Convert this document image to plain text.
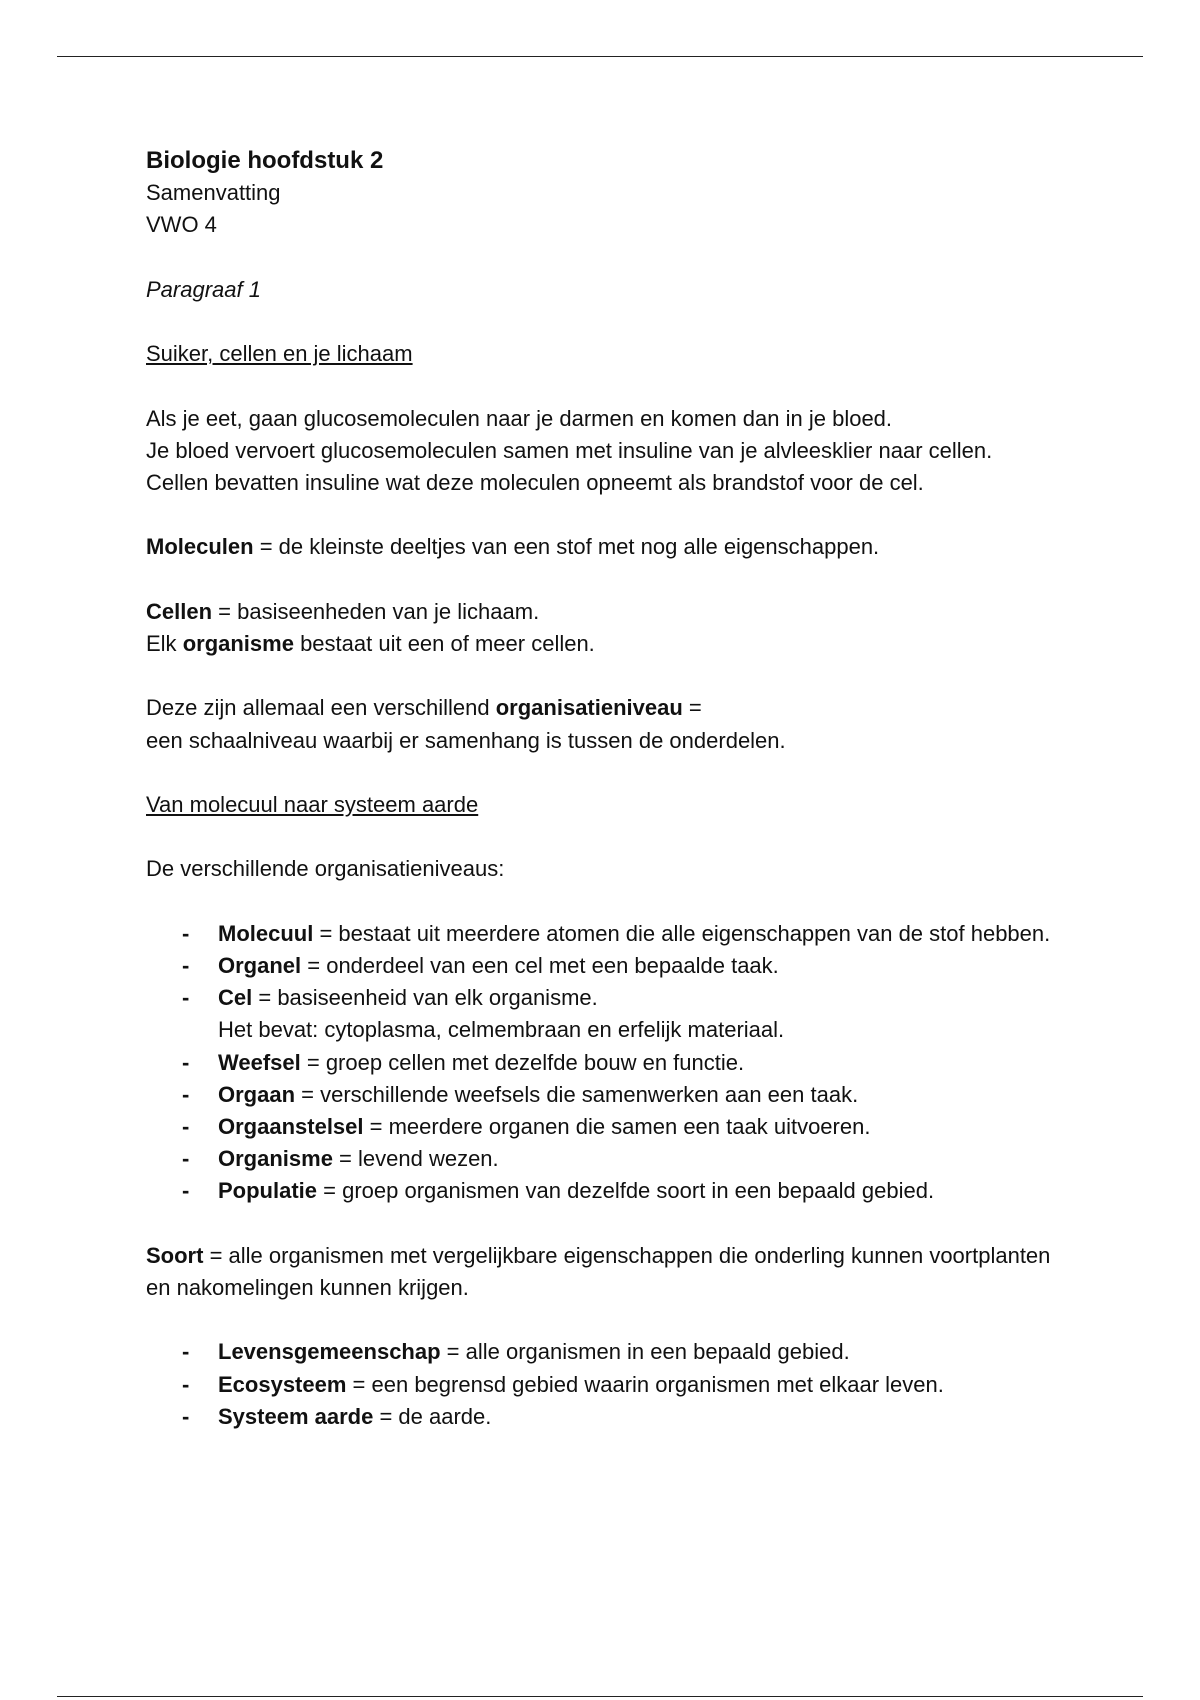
Biologie hoofdstuk 2

Samenvatting

VWO 4

Paragraaf 1

Suiker, cellen en je lichaam

Als je eet, gaan glucosemoleculen naar je darmen en komen dan in je bloed.

Je bloed vervoert glucosemoleculen samen met insuline van je alvleesklier naar cellen.

Cellen bevatten insuline wat deze moleculen opneemt als brandstof voor de cel.

Moleculen = de kleinste deeltjes van een stof met nog alle eigenschappen.

Cellen = basiseenheden van je lichaam.

Elk organisme bestaat uit een of meer cellen.

Deze zijn allemaal een verschillend organisatieniveau =

een schaalniveau waarbij er samenhang is tussen de onderdelen.

Van molecuul naar systeem aarde

De verschillende organisatieniveaus:

- Molecuul = bestaat uit meerdere atomen die alle eigenschappen van de stof hebben.
- Organel = onderdeel van een cel met een bepaalde taak.
- Cel = basiseenheid van elk organisme.
Het bevat: cytoplasma, celmembraan en erfelijk materiaal.
- Weefsel = groep cellen met dezelfde bouw en functie.
- Orgaan = verschillende weefsels die samenwerken aan een taak.
- Orgaanstelsel = meerdere organen die samen een taak uitvoeren.
- Organisme = levend wezen.
- Populatie = groep organismen van dezelfde soort in een bepaald gebied.

Soort = alle organismen met vergelijkbare eigenschappen die onderling kunnen voortplanten en nakomelingen kunnen krijgen.

- Levensgemeenschap = alle organismen in een bepaald gebied.
- Ecosysteem = een begrensd gebied waarin organismen met elkaar leven.
- Systeem aarde = de aarde.
